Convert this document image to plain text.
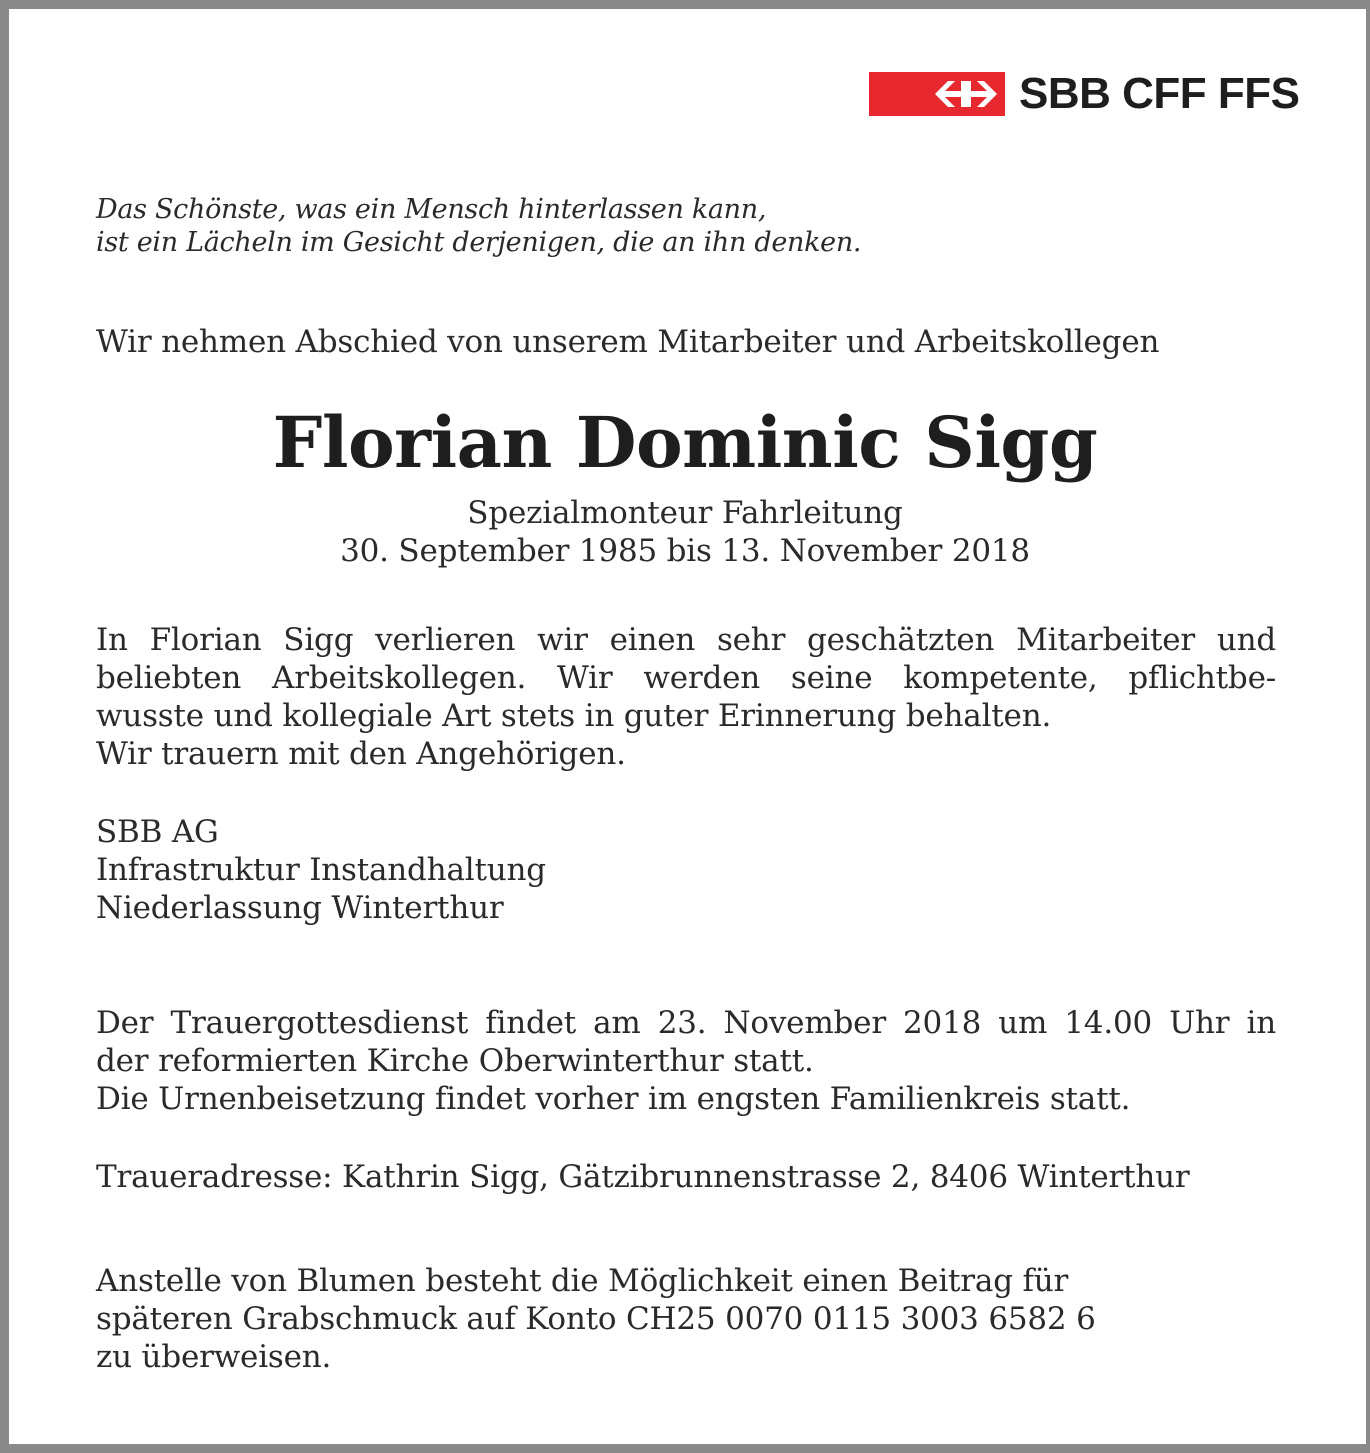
SBB CFF FFS
Das Schönste, was ein Mensch hinterlassen kann,
ist ein Lächeln im Gesicht derjenigen, die an ihn denken.
Wir nehmen Abschied von unserem Mitarbeiter und Arbeitskollegen
Florian Dominic Sigg
Spezialmonteur Fahrleitung
30. September 1985 bis 13. November 2018
In Florian Sigg verlieren wir einen sehr geschätzten Mitarbeiter und
beliebten Arbeitskollegen. Wir werden seine kompetente, pflichtbe-
wusste und kollegiale Art stets in guter Erinnerung behalten.
Wir trauern mit den Angehörigen.
SBB AG
Infrastruktur Instandhaltung
Niederlassung Winterthur
Der Trauergottesdienst findet am 23. November 2018 um 14.00 Uhr in
der reformierten Kirche Oberwinterthur statt.
Die Urnenbeisetzung findet vorher im engsten Familienkreis statt.
Traueradresse: Kathrin Sigg, Gätzibrunnenstrasse 2, 8406 Winterthur
Anstelle von Blumen besteht die Möglichkeit einen Beitrag für
späteren Grabschmuck auf Konto CH25 0070 0115 3003 6582 6
zu überweisen.
